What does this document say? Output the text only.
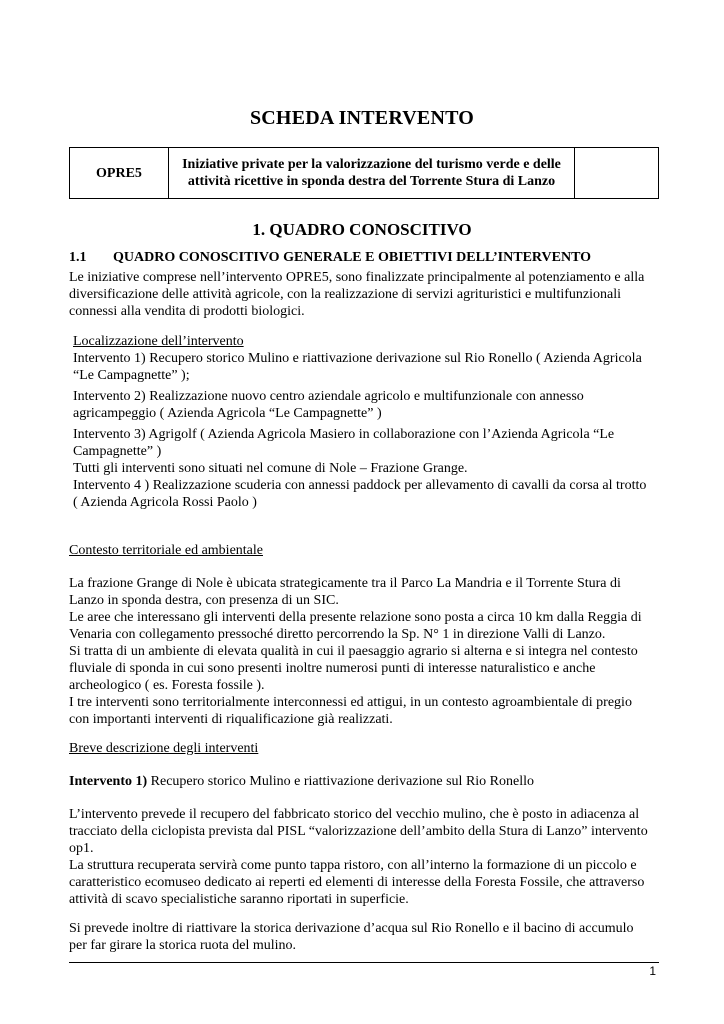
SCHEDA INTERVENTO
OPRE5	
Iniziative private per la valorizzazione del turismo verde e delle
attività ricettive in sponda destra del Torrente Stura di Lanzo

1. QUADRO CONOSCITIVO
1.1 QUADRO CONOSCITIVO GENERALE E OBIETTIVI DELL’INTERVENTO

Le iniziative comprese nell’intervento OPRE5, sono finalizzate principalmente al potenziamento e alla

diversificazione delle attività agricole, con la realizzazione di servizi agrituristici e multifunzionali

connessi alla vendita di prodotti biologici.

Localizzazione dell’intervento

Intervento 1) Recupero storico Mulino e riattivazione derivazione sul Rio Ronello ( Azienda Agricola

“Le Campagnette” );

Intervento 2) Realizzazione nuovo centro aziendale agricolo e multifunzionale con annesso

agricampeggio ( Azienda Agricola “Le Campagnette” )

Intervento 3) Agrigolf ( Azienda Agricola Masiero in collaborazione con l’Azienda Agricola “Le

Campagnette” )

Tutti gli interventi sono situati nel comune di Nole – Frazione Grange.

Intervento 4 ) Realizzazione scuderia con annessi paddock per allevamento di cavalli da corsa al trotto

( Azienda Agricola Rossi Paolo )

Contesto territoriale ed ambientale

La frazione Grange di Nole è ubicata strategicamente tra il Parco La Mandria e il Torrente Stura di

Lanzo in sponda destra, con presenza di un SIC.

Le aree che interessano gli interventi della presente relazione sono posta a circa 10 km dalla Reggia di

Venaria con collegamento pressoché diretto percorrendo la Sp. N° 1 in direzione Valli di Lanzo.

Si tratta di un ambiente di elevata qualità in cui il paesaggio agrario si alterna e si integra nel contesto

fluviale di sponda in cui sono presenti inoltre numerosi punti di interesse naturalistico e anche

archeologico ( es. Foresta fossile ).

I tre interventi sono territorialmente interconnessi ed attigui, in un contesto agroambientale di pregio

con importanti interventi di riqualificazione già realizzati.

Breve descrizione degli interventi

Intervento 1) Recupero storico Mulino e riattivazione derivazione sul Rio Ronello

L’intervento prevede il recupero del fabbricato storico del vecchio mulino, che è posto in adiacenza al

tracciato della ciclopista prevista dal PISL “valorizzazione dell’ambito della Stura di Lanzo” intervento

op1.

La struttura recuperata servirà come punto tappa ristoro, con all’interno la formazione di un piccolo e

caratteristico ecomuseo dedicato ai reperti ed elementi di interesse della Foresta Fossile, che attraverso

attività di scavo specialistiche saranno riportati in superficie.

Si prevede inoltre di riattivare la storica derivazione d’acqua sul Rio Ronello e il bacino di accumulo

per far girare la storica ruota del mulino.

1
